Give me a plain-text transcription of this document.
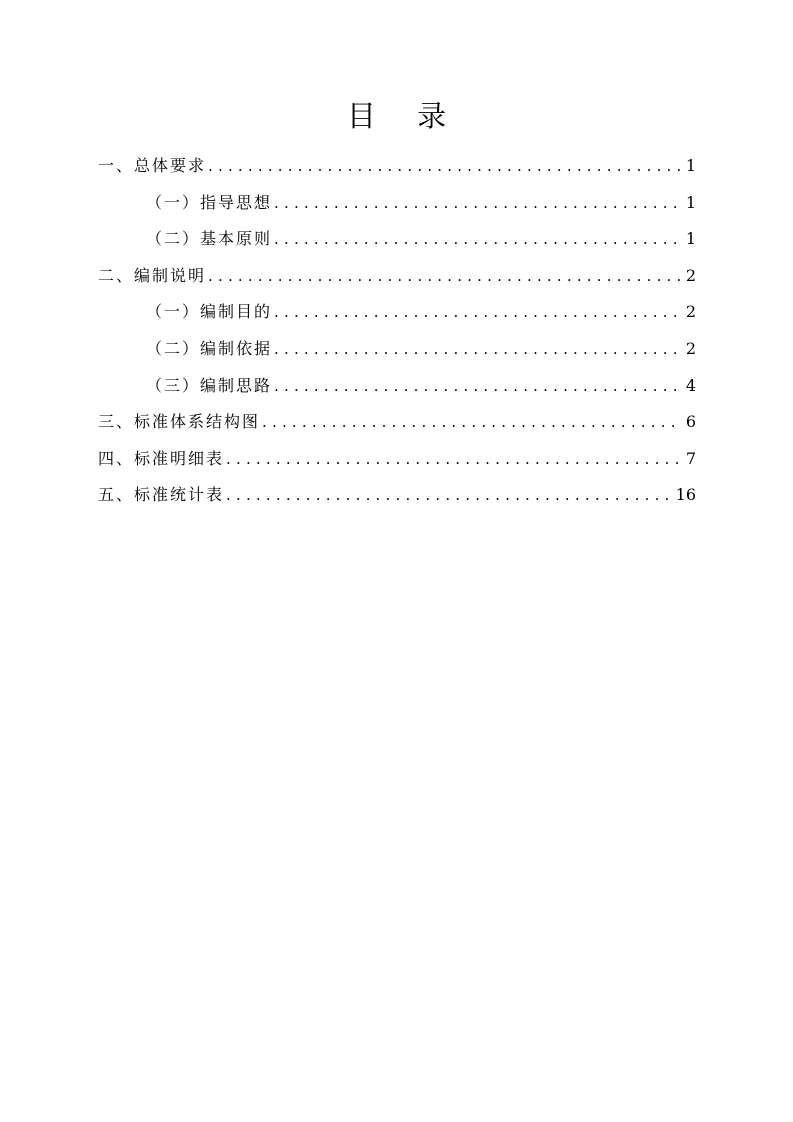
目 录
一、总体要求 .....	1
（一）指导思想 .....	1
（二）基本原则 .....	1
二、编制说明 .....	2
（一）编制目的 .....	2
（二）编制依据 .....	2
（三）编制思路 .....	4
三、标准体系结构图 .....	6
四、标准明细表 .....	7
五、标准统计表 .....	16
